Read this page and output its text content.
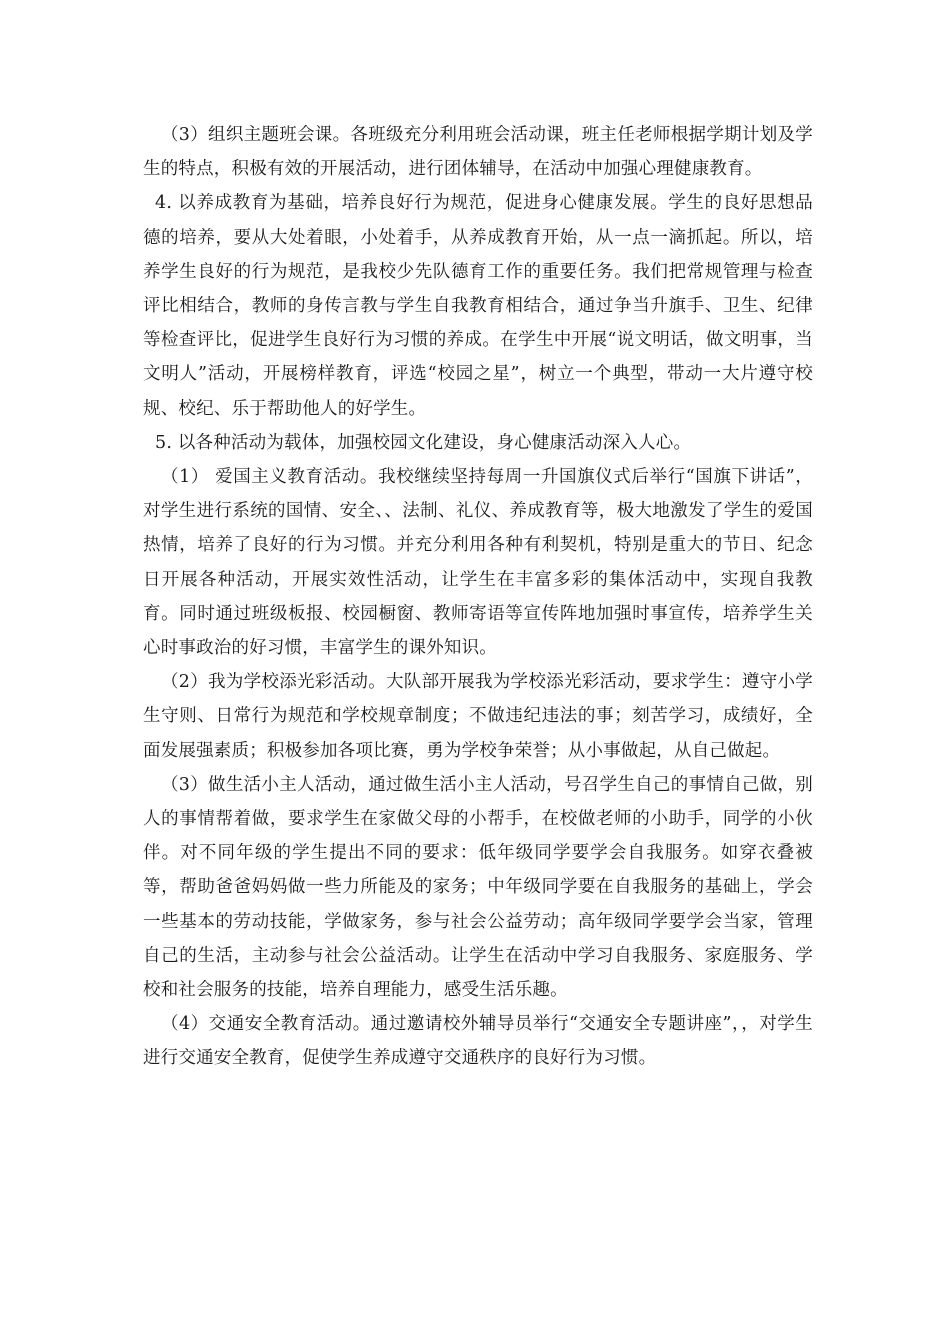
（3）组织主题班会课。各班级充分利用班会活动课，班主任老师根据学期计划及学生的特点，积极有效的开展活动，进行团体辅导，在活动中加强心理健康教育。

4. 以养成教育为基础，培养良好行为规范，促进身心健康发展。学生的良好思想品德的培养，要从大处着眼，小处着手，从养成教育开始，从一点一滴抓起。所以，培养学生良好的行为规范，是我校少先队德育工作的重要任务。我们把常规管理与检查评比相结合，教师的身传言教与学生自我教育相结合，通过争当升旗手、卫生、纪律等检查评比，促进学生良好行为习惯的养成。在学生中开展“说文明话，做文明事，当文明人”活动，开展榜样教育，评选“校园之星”，树立一个典型，带动一大片遵守校规、校纪、乐于帮助他人的好学生。

5. 以各种活动为载体，加强校园文化建设，身心健康活动深入人心。

（1） 爱国主义教育活动。我校继续坚持每周一升国旗仪式后举行“国旗下讲话”，对学生进行系统的国情、安全、、法制、礼仪、养成教育等，极大地激发了学生的爱国热情，培养了良好的行为习惯。并充分利用各种有利契机，特别是重大的节日、纪念日开展各种活动，开展实效性活动，让学生在丰富多彩的集体活动中，实现自我教育。同时通过班级板报、校园橱窗、教师寄语等宣传阵地加强时事宣传，培养学生关心时事政治的好习惯，丰富学生的课外知识。

（2）我为学校添光彩活动。大队部开展我为学校添光彩活动，要求学生：遵守小学生守则、日常行为规范和学校规章制度；不做违纪违法的事；刻苦学习，成绩好，全面发展强素质；积极参加各项比赛，勇为学校争荣誉；从小事做起，从自己做起。

（3）做生活小主人活动，通过做生活小主人活动，号召学生自己的事情自己做，别人的事情帮着做，要求学生在家做父母的小帮手，在校做老师的小助手，同学的小伙伴。对不同年级的学生提出不同的要求：低年级同学要学会自我服务。如穿衣叠被等，帮助爸爸妈妈做一些力所能及的家务；中年级同学要在自我服务的基础上，学会一些基本的劳动技能，学做家务，参与社会公益劳动；高年级同学要学会当家，管理自己的生活，主动参与社会公益活动。让学生在活动中学习自我服务、家庭服务、学校和社会服务的技能，培养自理能力，感受生活乐趣。

（4）交通安全教育活动。通过邀请校外辅导员举行“交通安全专题讲座”，，对学生进行交通安全教育，促使学生养成遵守交通秩序的良好行为习惯。
